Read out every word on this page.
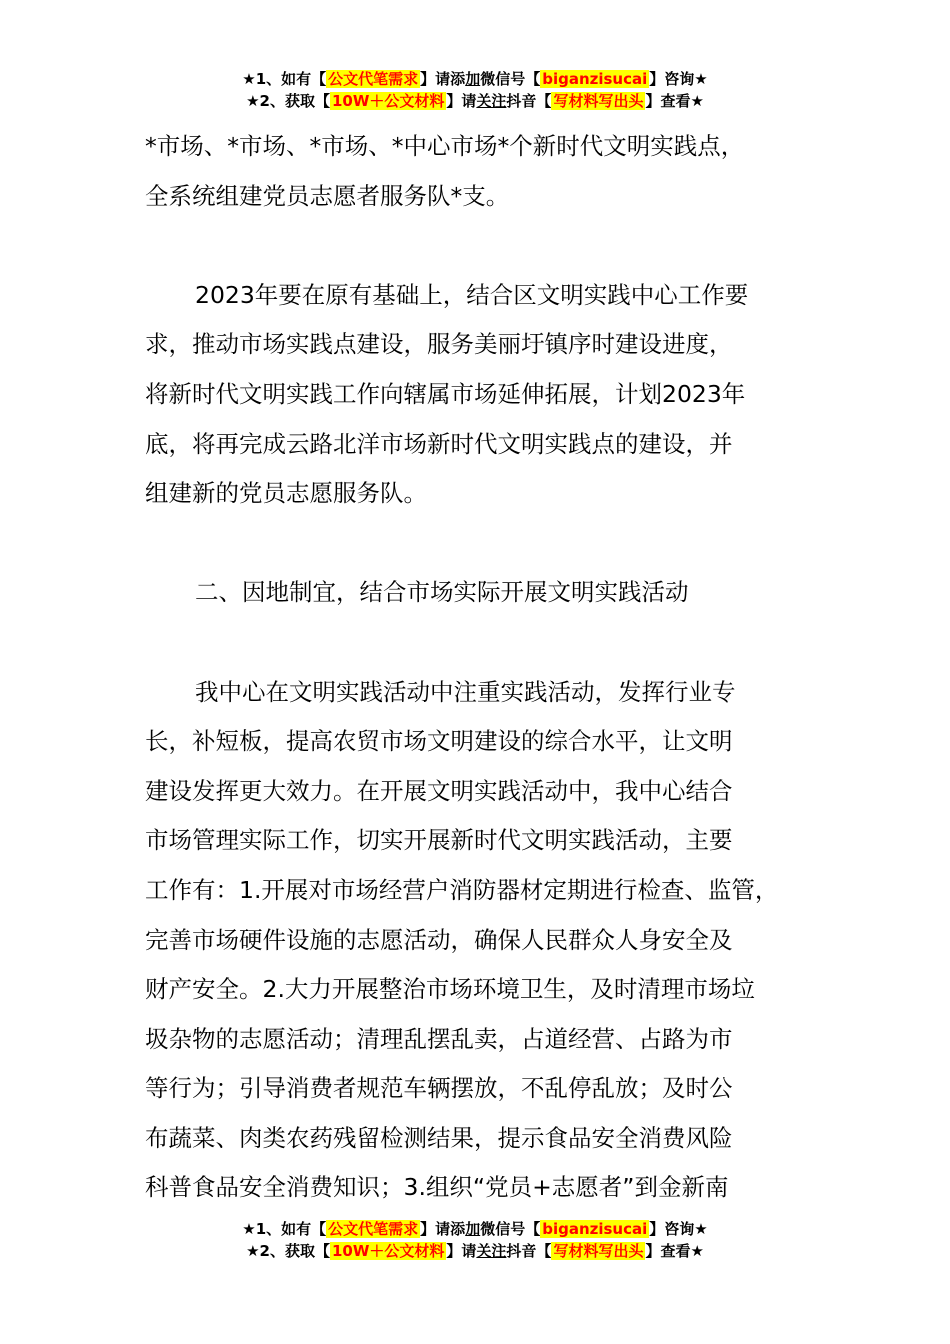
★1、如有【 公文代笔需求 】请添加微信号【 biganzisucai 】咨询★
★2、获取【 10W＋公文材料 】请关注抖音【 写材料写出头 】查看★
*市场、*市场、*市场、*中心市场*个新时代文明实践点，
全系统组建党员志愿者服务队*支。
2023年要在原有基础上，结合区文明实践中心工作要
求，推动市场实践点建设，服务美丽圩镇序时建设进度，
将新时代文明实践工作向辖属市场延伸拓展，计划2023年
底，将再完成云路北洋市场新时代文明实践点的建设，并
组建新的党员志愿服务队。
二、因地制宜，结合市场实际开展文明实践活动
我中心在文明实践活动中注重实践活动，发挥行业专
长，补短板，提高农贸市场文明建设的综合水平，让文明
建设发挥更大效力。在开展文明实践活动中，我中心结合
市场管理实际工作，切实开展新时代文明实践活动，主要
工作有：1.开展对市场经营户消防器材定期进行检查、监管，
完善市场硬件设施的志愿活动，确保人民群众人身安全及
财产安全。2.大力开展整治市场环境卫生，及时清理市场垃
圾杂物的志愿活动；清理乱摆乱卖，占道经营、占路为市
等行为；引导消费者规范车辆摆放，不乱停乱放；及时公
布蔬菜、肉类农药残留检测结果，提示食品安全消费风险
科普食品安全消费知识；3.组织“党员+志愿者”到金新南
★1、如有【 公文代笔需求 】请添加微信号【 biganzisucai 】咨询★
★2、获取【 10W＋公文材料 】请关注抖音【 写材料写出头 】查看★
